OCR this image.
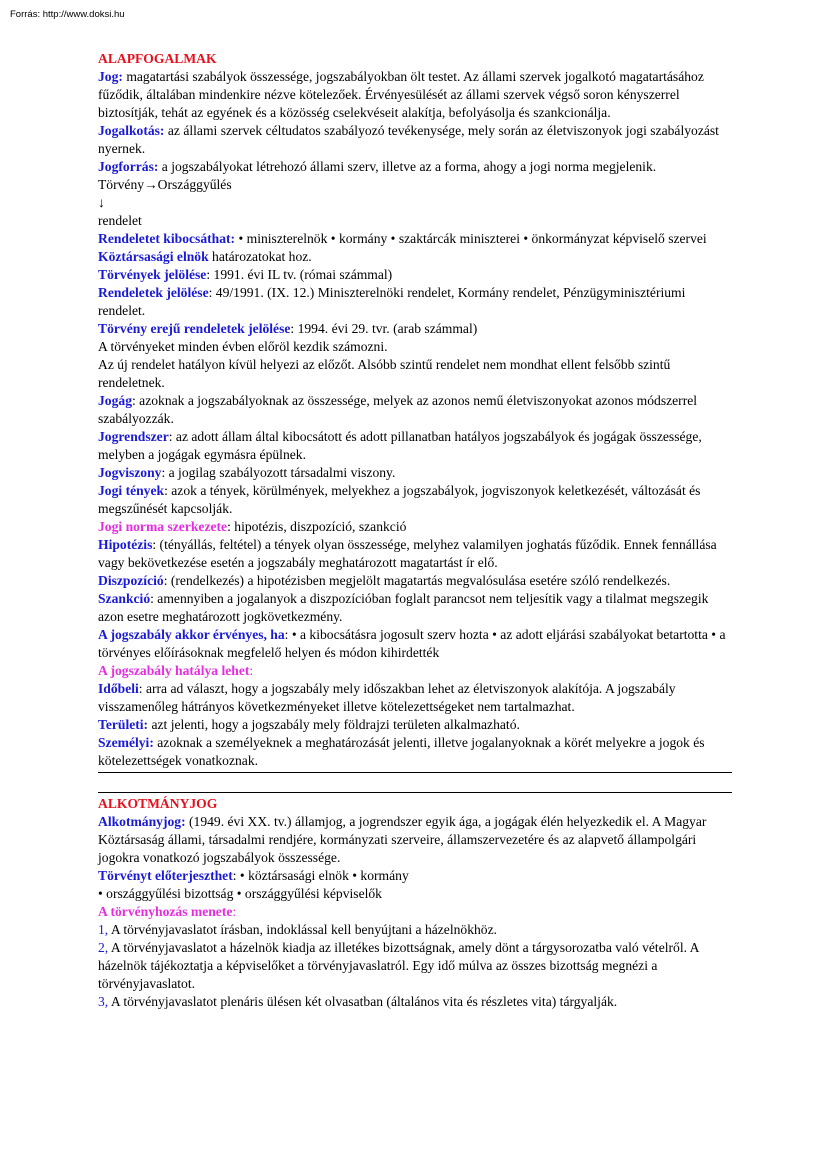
Forrás: http://www.doksi.hu
ALAPFOGALMAK

Jog: magatartási szabályok összessége, jogszabályokban ölt testet. Az állami szervek jogalkotó magatartásához fűződik, általában mindenkire nézve kötelezőek. Érvényesülését az állami szervek végső soron kényszerrel biztosítják, tehát az egyének és a közösség cselekvéseit alakítja, befolyásolja és szankcionálja.

Jogalkotás: az állami szervek céltudatos szabályozó tevékenysége, mely során az életviszonyok jogi szabályozást nyernek.

Jogforrás: a jogszabályokat létrehozó állami szerv, illetve az a forma, ahogy a jogi norma megjelenik.

Törvény→Országgyűlés

↓

rendelet

Rendeletet kibocsáthat: • miniszterelnök • kormány • szaktárcák miniszterei • önkormányzat képviselő szervei

Köztársasági elnök határozatokat hoz.

Törvények jelölése: 1991. évi IL tv. (római számmal)

Rendeletek jelölése: 49/1991. (IX. 12.) Miniszterelnöki rendelet, Kormány rendelet, Pénzügyminisztériumi rendelet.

Törvény erejű rendeletek jelölése: 1994. évi 29. tvr. (arab számmal)

A törvényeket minden évben előröl kezdik számozni.

Az új rendelet hatályon kívül helyezi az előzőt. Alsóbb szintű rendelet nem mondhat ellent felsőbb szintű rendeletnek.

Jogág: azoknak a jogszabályoknak az összessége, melyek az azonos nemű életviszonyokat azonos módszerrel szabályozzák.

Jogrendszer: az adott állam által kibocsátott és adott pillanatban hatályos jogszabályok és jogágak összessége, melyben a jogágak egymásra épülnek.

Jogviszony: a jogilag szabályozott társadalmi viszony.

Jogi tények: azok a tények, körülmények, melyekhez a jogszabályok, jogviszonyok keletkezését, változását és megszűnését kapcsolják.

Jogi norma szerkezete: hipotézis, diszpozíció, szankció

Hipotézis: (tényállás, feltétel) a tények olyan összessége, melyhez valamilyen joghatás fűződik. Ennek fennállása vagy bekövetkezése esetén a jogszabály meghatározott magatartást ír elő.

Diszpozíció: (rendelkezés) a hipotézisben megjelölt magatartás megvalósulása esetére szóló rendelkezés.

Szankció: amennyiben a jogalanyok a diszpozícióban foglalt parancsot nem teljesítik vagy a tilalmat megszegik azon esetre meghatározott jogkövetkezmény.

A jogszabály akkor érvényes, ha: • a kibocsátásra jogosult szerv hozta • az adott eljárási szabályokat betartotta • a törvényes előírásoknak megfelelő helyen és módon kihirdették

A jogszabály hatálya lehet:

Időbeli: arra ad választ, hogy a jogszabály mely időszakban lehet az életviszonyok alakítója. A jogszabály visszamenőleg hátrányos következményeket illetve kötelezettségeket nem tartalmazhat.

Területi: azt jelenti, hogy a jogszabály mely földrajzi területen alkalmazható.

Személyi: azoknak a személyeknek a meghatározását jelenti, illetve jogalanyoknak a körét melyekre a jogok és kötelezettségek vonatkoznak.

ALKOTMÁNYJOG

Alkotmányjog: (1949. évi XX. tv.) államjog, a jogrendszer egyik ága, a jogágak élén helyezkedik el. A Magyar Köztársaság állami, társadalmi rendjére, kormányzati szerveire, államszervezetére és az alapvető állampolgári jogokra vonatkozó jogszabályok összessége.

Törvényt előterjeszthet: • köztársasági elnök • kormány

• országgyűlési bizottság • országgyűlési képviselők

A törvényhozás menete:

1, A törvényjavaslatot írásban, indoklással kell benyújtani a házelnökhöz.

2, A törvényjavaslatot a házelnök kiadja az illetékes bizottságnak, amely dönt a tárgysorozatba való vételről. A házelnök tájékoztatja a képviselőket a törvényjavaslatról. Egy idő múlva az összes bizottság megnézi a törvényjavaslatot.

3, A törvényjavaslatot plenáris ülésen két olvasatban (általános vita és részletes vita) tárgyalják.
